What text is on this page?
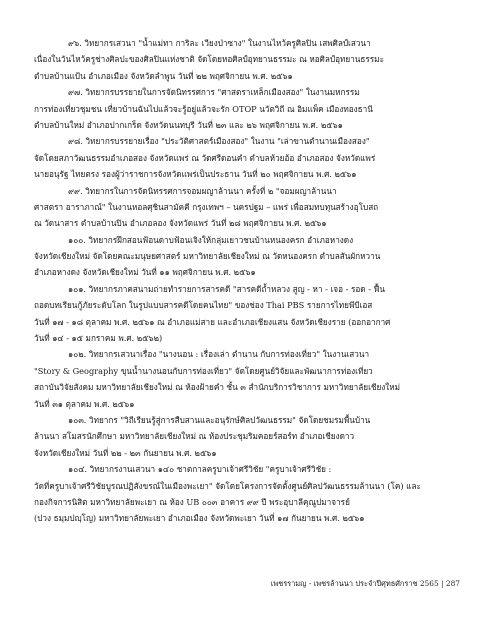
๙๖. วิทยากรเสวนา "น้ำแม่ทา การิละ เวียงป่าซาง" ในงานไหว้ครูศิลปิน เสพศิลป์เสวนา
เนื่องในวันไหว้ครูช่างศิลปะของศิลปินแห่งชาติ จัดโดยหอศิลป์อุทยานธรรมะ ณ หอศิลป์อุทยานธรรมะ
ตำบลบ้านแป้น อำเภอเมือง จังหวัดลำพูน วันที่ ๒๒ พฤศจิกายน พ.ศ. ๒๕๖๑

๙๗. วิทยากรบรรยายในการจัดนิทรรศการ "ศาสตราเหล็กเมืองสอง" ในงานมหกรรม
การท่องเที่ยวชุมชน เที่ยวบ้านฉันไปแล้วจะรู้อยู่แล้วจะรัก OTOP นวัตวิถี ณ อิมแพ็ค เมืองทองธานี
ตำบลบ้านใหม่ อำเภอปากเกร็ด จังหวัดนนทบุรี วันที่ ๒๓ และ ๒๖ พฤศจิกายน พ.ศ. ๒๕๖๑

๙๘. วิทยากรบรรยายเรื่อง "ประวัติศาสตร์เมืองสอง" ในงาน "เล่าขานตำนานเมืองสอง"
จัดโดยสภาวัฒนธรรมอำเภอสอง จังหวัดแพร่ ณ วัดศรีดอนคำ ตำบลห้วยอ้อ อำเภอสอง จังหวัดแพร่
นายอนุรัฐ ไทยตรง รองผู้ว่าราชการจังหวัดแพร่เป็นประธาน วันที่ ๒๐ พฤศจิกายน พ.ศ. ๒๕๖๑

๙๙. วิทยากรในการจัดนิทรรศการจอมผญาล้านนา ครั้งที่ ๒ "จอมผญาล้านนา
ศาสตรา อาราภาณ์" ในงานหอลศุชินสามัคคี กรุงเทพฯ – นครปฐม – แพร่ เพื่อสมทบทุนสร้างอุโบสถ
ณ วัดนาสาร ตำบลบ้านปิน อำเภอลอง จังหวัดแพร่ วันที่ ๒๘ พฤศจิกายน พ.ศ. ๒๕๖๑

๑๐๐. วิทยากรฝึกสอนฟ้อนดาบฟ้อนเจิงให้กลุ่มเยาวชนบ้านหนองครก อำเภอหางดง
จังหวัดเชียงใหม่ จัดโดยคณะมนุษยศาสตร์ มหาวิทยาลัยเชียงใหม่ ณ วัดหนองครก ตำบลสันผักหวาน
อำเภอหางดง จังหวัดเชียงใหม่ วันที่ ๑๑ พฤศจิกายน พ.ศ. ๒๕๖๑

๑๐๑. วิทยากรภาคสนามถ่ายทำรายการสารคดี "สารคดีถ้ำหลวง สูญ - หา - เจอ - รอด - ฟื้น
ถอดบทเรียนกู้ภัยระดับโลก ในรูปแบบสารคดีโดยคนไทย" ของช่อง Thai PBS รายการไทยพีบีเอส
วันที่ ๑๗ - ๑๘ ตุลาคม พ.ศ. ๒๕๖๑ ณ อำเภอแม่สาย และอำเภอเชียงแสน จังหวัดเชียงราย (ออกอากาศ
วันที่ ๑๔ - ๑๕ มกราคม พ.ศ. ๒๕๖๒)

๑๐๒. วิทยากรเสวนาเรื่อง "นางนอน : เรื่องเล่า ตำนาน กับการท่องเที่ยว" ในงานเสวนา
"Story & Geography ขุนน้ำนางนอนกับการท่องเที่ยว" จัดโดยศูนย์วิจัยและพัฒนาการท่องเที่ยว
สถาบันวิจัยสังคม มหาวิทยาลัยเชียงใหม่ ณ ห้องฝ้ายคำ ชั้น ๓ สำนักบริการวิชาการ มหาวิทยาลัยเชียงใหม่
วันที่ ๓๑ ตุลาคม พ.ศ. ๒๕๖๑

๑๐๓. วิทยากร "วิถีเรียนรู้สู่การสืบสานและอนุรักษ์ศิลปวัฒนธรรม" จัดโดยชมรมพื้นบ้าน
ล้านนา สโมสรนักศึกษา มหาวิทยาลัยเชียงใหม่ ณ ห้องประชุมริมคอยร์สอร์ท อำเภอเชียงดาว
จังหวัดเชียงใหม่ วันที่ ๒๒ - ๒๓ กันยายน พ.ศ. ๒๕๖๑

๑๐๔. วิทยากรงานเสวนา ๑๔๐ ชาตกาลครูบาเจ้าศรีวิชัย "ครูบาเจ้าศรีวิชัย :
วัดที่ครูบาเจ้าศรีวิชัยบูรณปฏิสังขรณ์ในเมืองพะเยา" จัดโดยโครงการจัดตั้งศูนย์ศิลปวัฒนธรรมล้านนา (โค) และ
กองกิจการนิสิต มหาวิทยาลัยพะเยา ณ ห้อง UB ๐๐๓ อาคาร ๙๙ ปี พระอุบาลีคุณูปมาจารย์
(ปวง ธมฺมปญฺโญ) มหาวิทยาลัยพะเยา อำเภอเมือง จังหวัดพะเยา วันที่ ๑๗ กันยายน พ.ศ. ๒๕๖๑

เพชรรามญ - เพชรล้านนา ประจำปีศุทธศักราช 2565 | 287
